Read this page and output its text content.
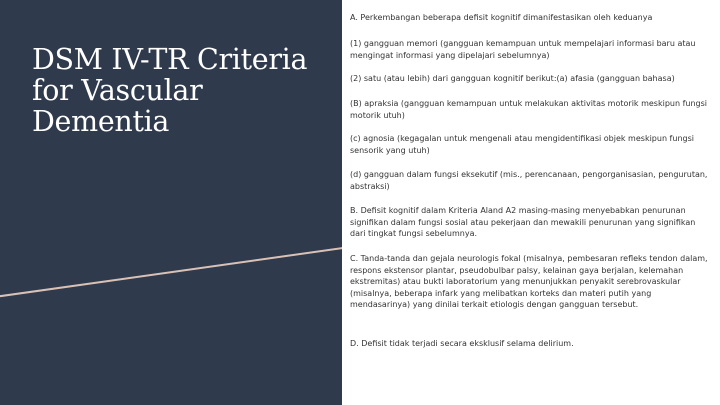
DSM IV-TR Criteria for Vascular Dementia

A. Perkembangan beberapa defisit kognitif dimanifestasikan oleh keduanya

(1) gangguan memori (gangguan kemampuan untuk mempelajari informasi baru atau mengingat informasi yang dipelajari sebelumnya)

(2) satu (atau lebih) dari gangguan kognitif berikut:(a) afasia (gangguan bahasa)

(B) apraksia (gangguan kemampuan untuk melakukan aktivitas motorik meskipun fungsi motorik utuh)

(c) agnosia (kegagalan untuk mengenali atau mengidentifikasi objek meskipun fungsi sensorik yang utuh)

(d) gangguan dalam fungsi eksekutif (mis., perencanaan, pengorganisasian, pengurutan, abstraksi)

B. Defisit kognitif dalam Kriteria Aland A2 masing-masing menyebabkan penurunan signifikan dalam fungsi sosial atau pekerjaan dan mewakili penurunan yang signifikan dari tingkat fungsi sebelumnya.

C. Tanda-tanda dan gejala neurologis fokal (misalnya, pembesaran refleks tendon dalam, respons ekstensor plantar, pseudobulbar palsy, kelainan gaya berjalan, kelemahan ekstremitas) atau bukti laboratorium yang menunjukkan penyakit serebrovaskular (misalnya, beberapa infark yang melibatkan korteks dan materi putih yang mendasarinya) yang dinilai terkait etiologis dengan gangguan tersebut.

D. Defisit tidak terjadi secara eksklusif selama delirium.
